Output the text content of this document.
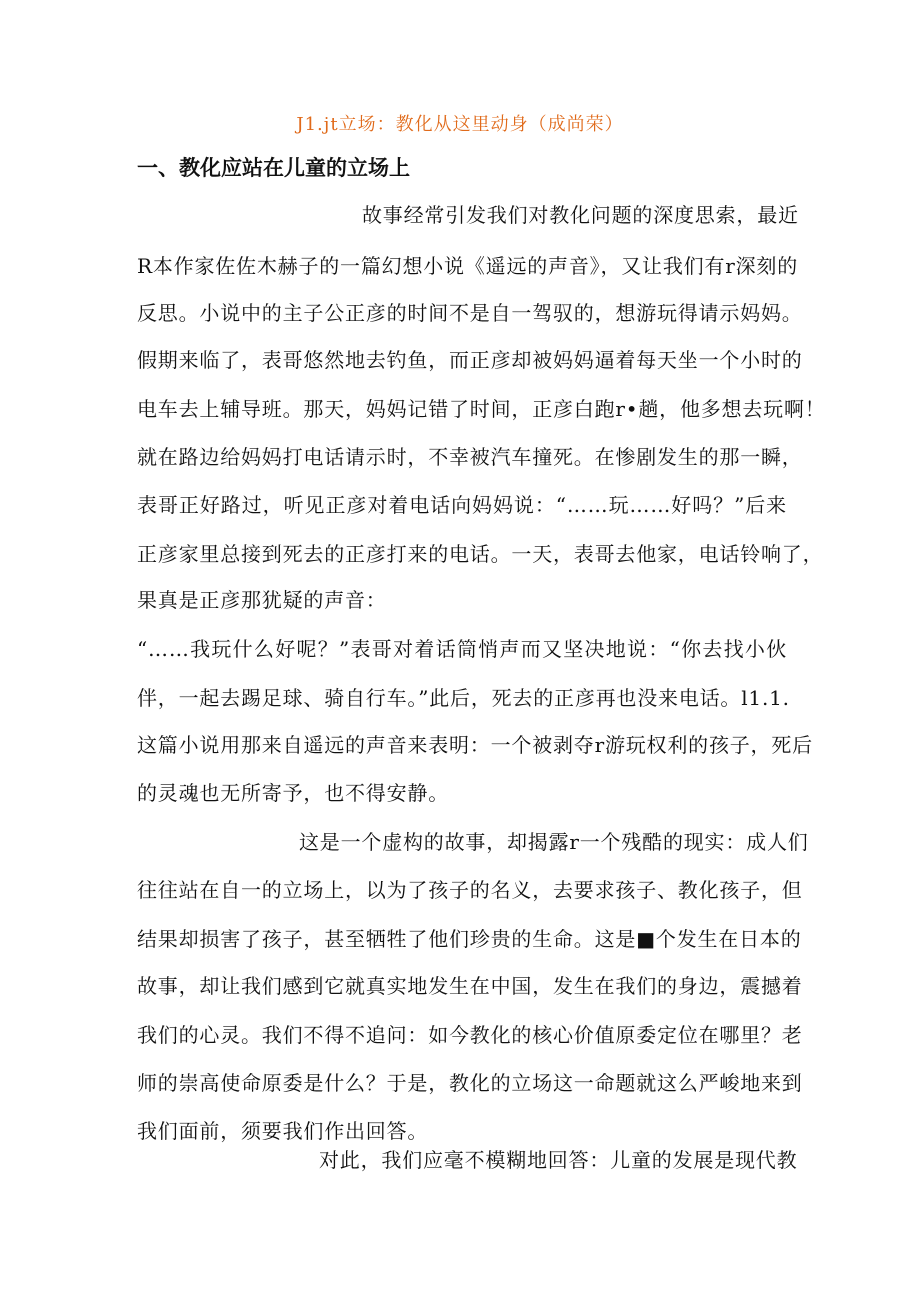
J1.jt立场：教化从这里动身（成尚荣）
一、教化应站在儿童的立场上
故事经常引发我们对教化问题的深度思索，最近
R本作家佐佐木赫子的一篇幻想小说《遥远的声音》，又让我们有r深刻的
反思。小说中的主子公正彦的时间不是自一驾驭的，想游玩得请示妈妈。
假期来临了，表哥悠然地去钓鱼，而正彦却被妈妈逼着每天坐一个小时的
电车去上辅导班。那天，妈妈记错了时间，正彦白跑r•趟，他多想去玩啊！
就在路边给妈妈打电话请示时，不幸被汽车撞死。在惨剧发生的那一瞬，
表哥正好路过，听见正彦对着电话向妈妈说：“……玩……好吗？”后来
正彦家里总接到死去的正彦打来的电话。一天，表哥去他家，电话铃响了，
果真是正彦那犹疑的声音：
“……我玩什么好呢？”表哥对着话筒悄声而又坚决地说：“你去找小伙
伴，一起去踢足球、骑自行车。”此后，死去的正彦再也没来电话。l1.1.
这篇小说用那来自遥远的声音来表明：一个被剥夺r游玩权利的孩子，死后
的灵魂也无所寄予，也不得安静。
这是一个虚构的故事，却揭露r一个残酷的现实：成人们
往往站在自一的立场上，以为了孩子的名义，去要求孩子、教化孩子，但
结果却损害了孩子，甚至牺牲了他们珍贵的生命。这是■个发生在日本的
故事，却让我们感到它就真实地发生在中国，发生在我们的身边，震撼着
我们的心灵。我们不得不追问：如今教化的核心价值原委定位在哪里？老
师的崇高使命原委是什么？于是，教化的立场这一命题就这么严峻地来到
我们面前，须要我们作出回答。
对此，我们应毫不模糊地回答：儿童的发展是现代教
